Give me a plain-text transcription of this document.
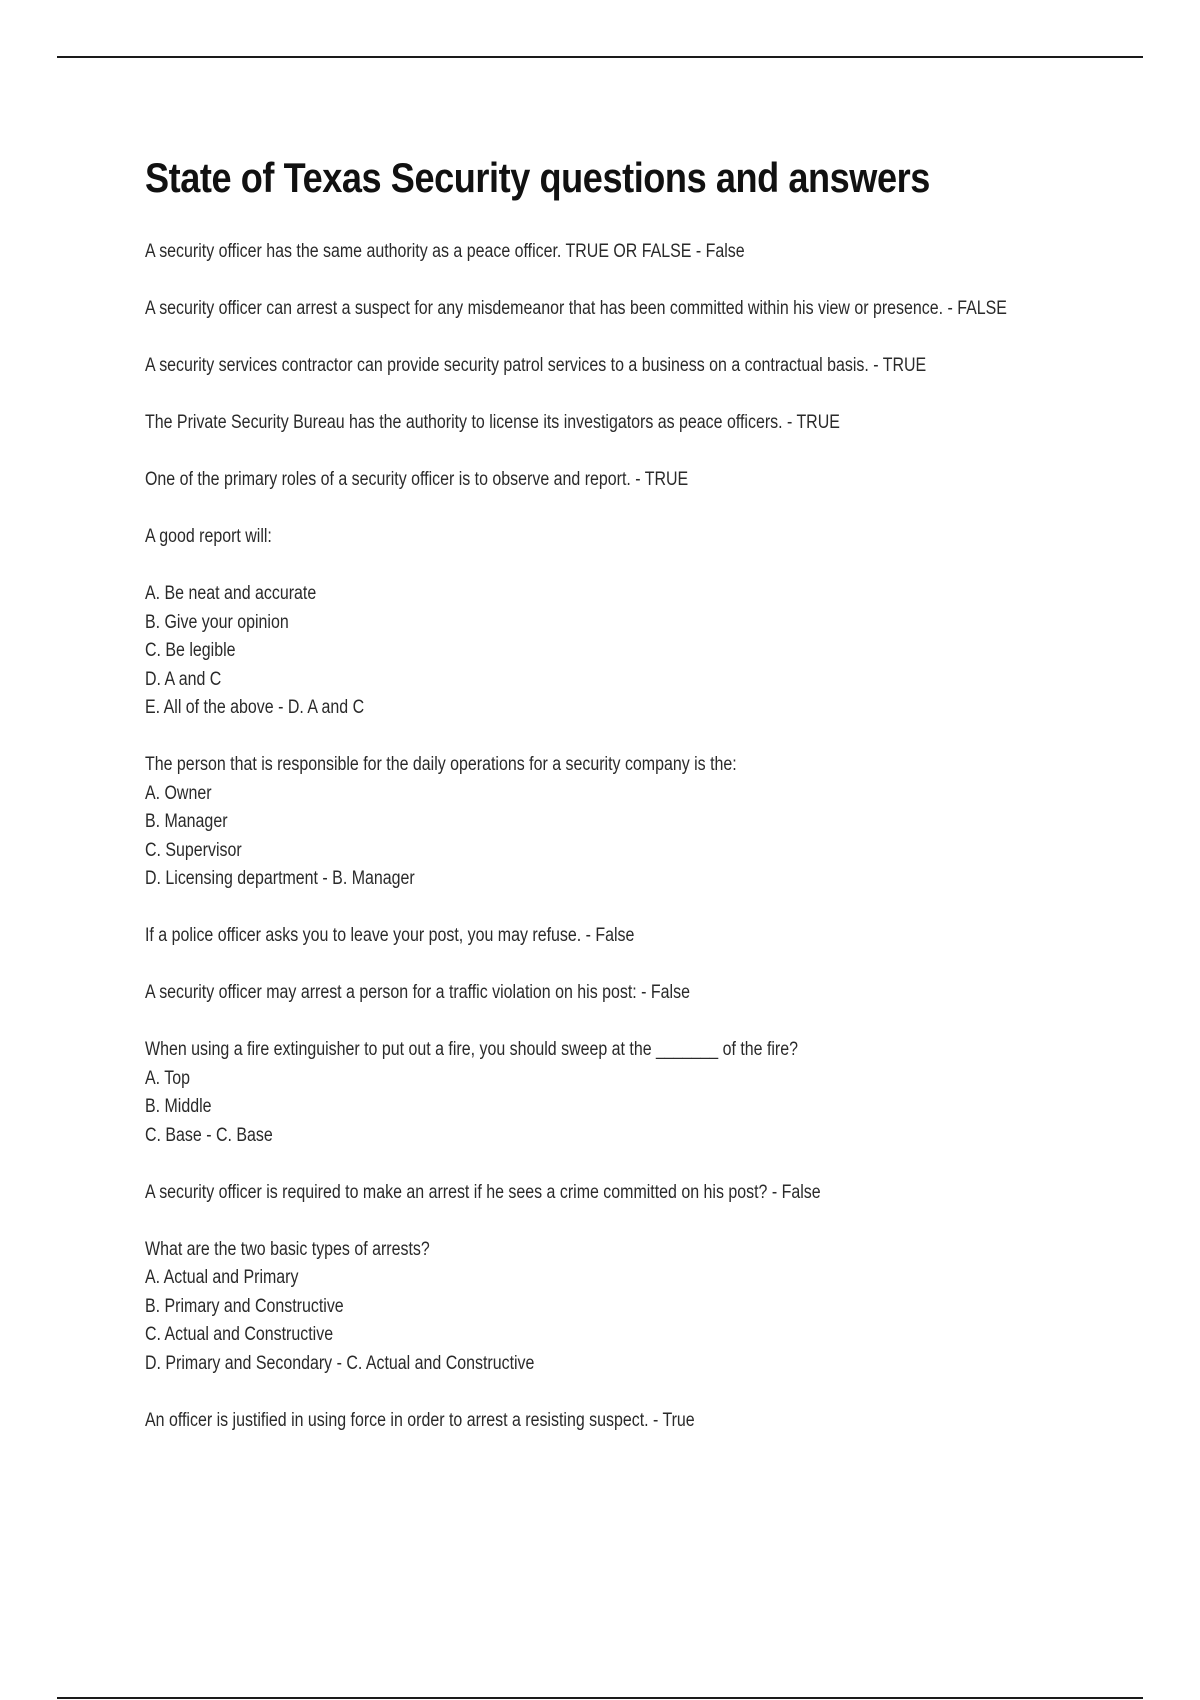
State of Texas Security questions and answers
A security officer has the same authority as a peace officer. TRUE OR FALSE - False
A security officer can arrest a suspect for any misdemeanor that has been committed within his view or presence. - FALSE
A security services contractor can provide security patrol services to a business on a contractual basis. - TRUE
The Private Security Bureau has the authority to license its investigators as peace officers. - TRUE
One of the primary roles of a security officer is to observe and report. - TRUE
A good report will:
A. Be neat and accurate
B. Give your opinion
C. Be legible
D. A and C
E. All of the above - D. A and C
The person that is responsible for the daily operations for a security company is the:
A. Owner
B. Manager
C. Supervisor
D. Licensing department - B. Manager
If a police officer asks you to leave your post, you may refuse. - False
A security officer may arrest a person for a traffic violation on his post: - False
When using a fire extinguisher to put out a fire, you should sweep at the _______ of the fire?
A. Top
B. Middle
C. Base - C. Base
A security officer is required to make an arrest if he sees a crime committed on his post? - False
What are the two basic types of arrests?
A. Actual and Primary
B. Primary and Constructive
C. Actual and Constructive
D. Primary and Secondary - C. Actual and Constructive
An officer is justified in using force in order to arrest a resisting suspect. - True
